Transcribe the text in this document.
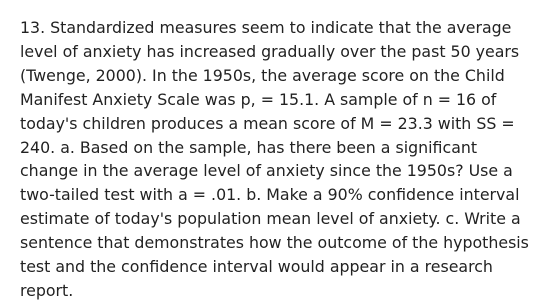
13. Standardized measures seem to indicate that the average
level of anxiety has increased gradually over the past 50 years
(Twenge, 2000). In the 1950s, the average score on the Child
Manifest Anxiety Scale was p, = 15.1. A sample of n = 16 of
today's children produces a mean score of M = 23.3 with SS =
240. a. Based on the sample, has there been a significant
change in the average level of anxiety since the 1950s? Use a
two-tailed test with a = .01. b. Make a 90% confidence interval
estimate of today's population mean level of anxiety. c. Write a
sentence that demonstrates how the outcome of the hypothesis
test and the confidence interval would appear in a research
report.
